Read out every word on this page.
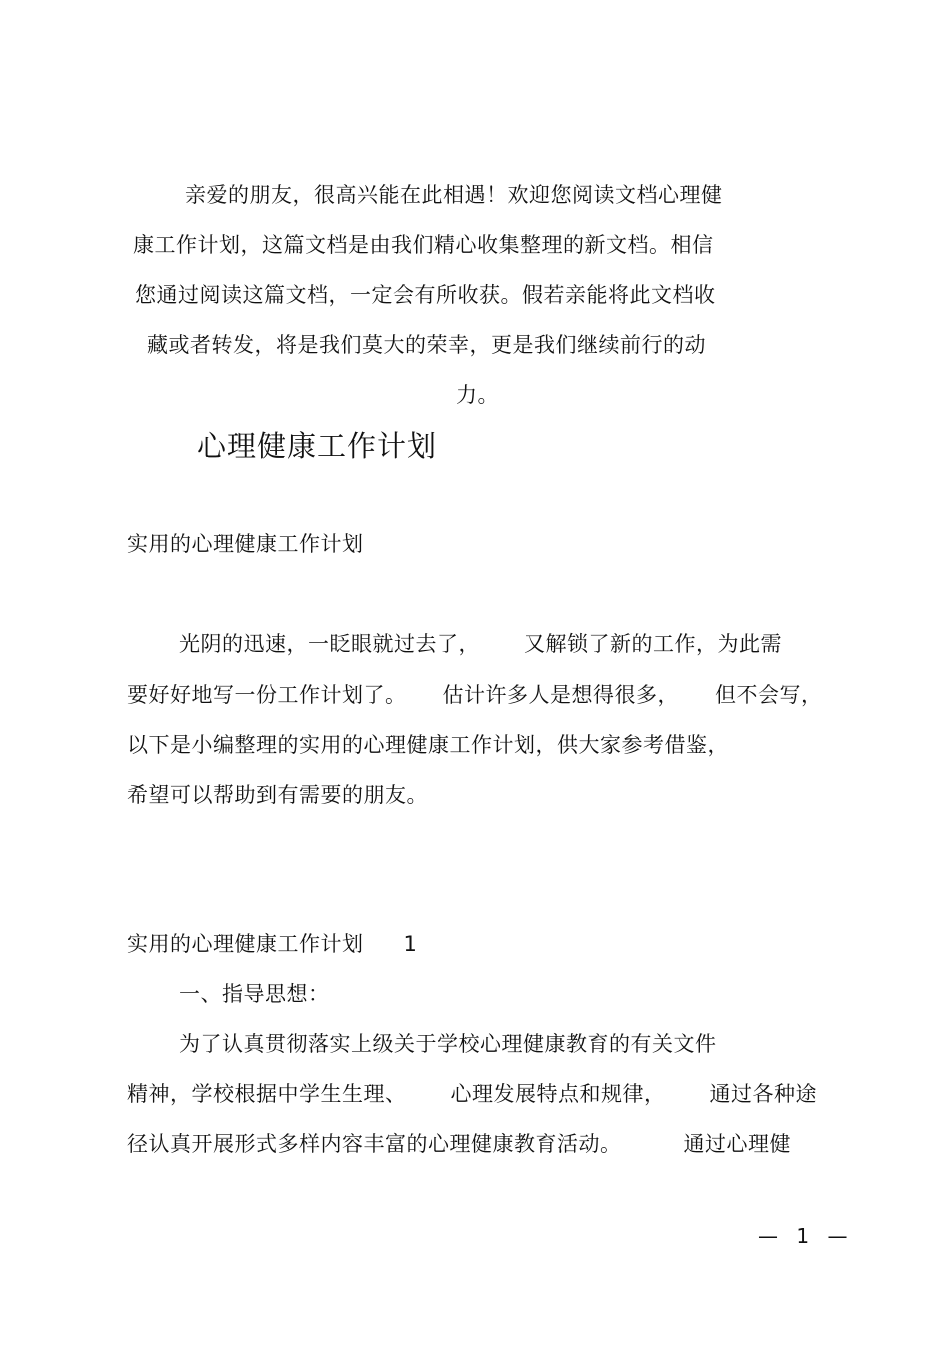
亲爱的朋友，很高兴能在此相遇！欢迎您阅读文档心理健
康工作计划，这篇文档是由我们精心收集整理的新文档。相信
您通过阅读这篇文档，一定会有所收获。假若亲能将此文档收
藏或者转发，将是我们莫大的荣幸，更是我们继续前行的动
力。
心理健康工作计划
实用的心理健康工作计划
光阴的迅速，一眨眼就过去了， 又解锁了新的工作，为此需
要好好地写一份工作计划了。 估计许多人是想得很多， 但不会写，
以下是小编整理的实用的心理健康工作计划，供大家参考借鉴，
希望可以帮助到有需要的朋友。
实用的心理健康工作计划 1
一、指导思想：
为了认真贯彻落实上级关于学校心理健康教育的有关文件
精神，学校根据中学生生理、 心理发展特点和规律， 通过各种途
径认真开展形式多样内容丰富的心理健康教育活动。	通过心理健
— 1 —
